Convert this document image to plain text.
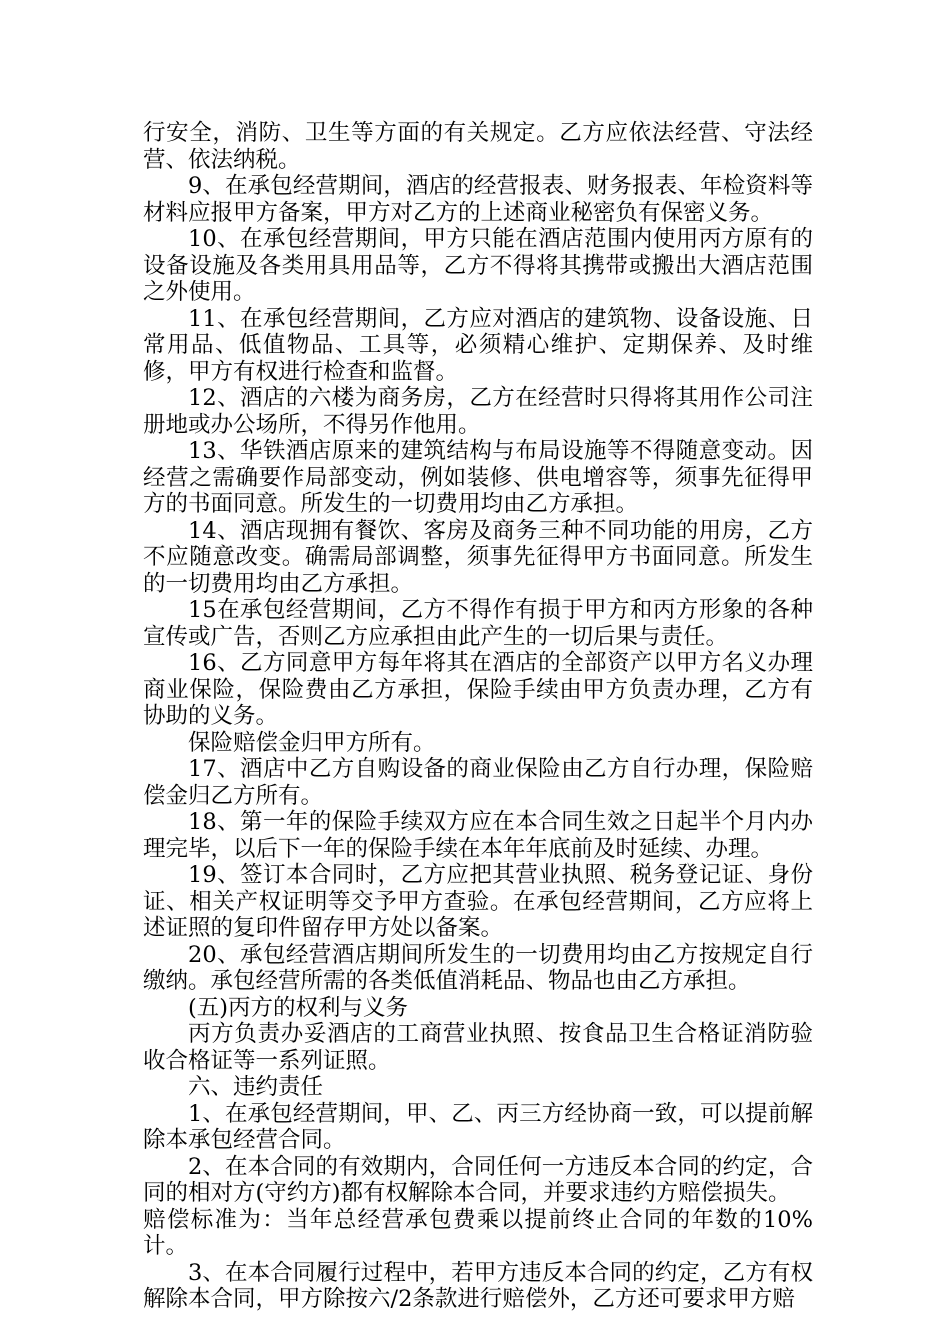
行安全，消防、卫生等方面的有关规定。乙方应依法经营、守法经营、依法纳税。

9、在承包经营期间，酒店的经营报表、财务报表、年检资料等材料应报甲方备案，甲方对乙方的上述商业秘密负有保密义务。

10、在承包经营期间，甲方只能在酒店范围内使用丙方原有的设备设施及各类用具用品等，乙方不得将其携带或搬出大酒店范围之外使用。

11、在承包经营期间，乙方应对酒店的建筑物、设备设施、日常用品、低值物品、工具等，必须精心维护、定期保养、及时维修，甲方有权进行检查和监督。

12、酒店的六楼为商务房，乙方在经营时只得将其用作公司注册地或办公场所，不得另作他用。

13、华铁酒店原来的建筑结构与布局设施等不得随意变动。因经营之需确要作局部变动，例如装修、供电增容等，须事先征得甲方的书面同意。所发生的一切费用均由乙方承担。

14、酒店现拥有餐饮、客房及商务三种不同功能的用房，乙方不应随意改变。确需局部调整，须事先征得甲方书面同意。所发生的一切费用均由乙方承担。

15在承包经营期间，乙方不得作有损于甲方和丙方形象的各种宣传或广告，否则乙方应承担由此产生的一切后果与责任。

16、乙方同意甲方每年将其在酒店的全部资产以甲方名义办理商业保险，保险费由乙方承担，保险手续由甲方负责办理，乙方有协助的义务。

保险赔偿金归甲方所有。

17、酒店中乙方自购设备的商业保险由乙方自行办理，保险赔偿金归乙方所有。

18、第一年的保险手续双方应在本合同生效之日起半个月内办理完毕，以后下一年的保险手续在本年年底前及时延续、办理。

19、签订本合同时，乙方应把其营业执照、税务登记证、身份证、相关产权证明等交予甲方查验。在承包经营期间，乙方应将上述证照的复印件留存甲方处以备案。

20、承包经营酒店期间所发生的一切费用均由乙方按规定自行缴纳。承包经营所需的各类低值消耗品、物品也由乙方承担。

(五)丙方的权利与义务

丙方负责办妥酒店的工商营业执照、按食品卫生合格证消防验收合格证等一系列证照。

六、违约责任

1、在承包经营期间，甲、乙、丙三方经协商一致，可以提前解除本承包经营合同。

2、在本合同的有效期内，合同任何一方违反本合同的约定，合同的相对方(守约方)都有权解除本合同，并要求违约方赔偿损失。

赔偿标准为：当年总经营承包费乘以提前终止合同的年数的10%计。

3、在本合同履行过程中，若甲方违反本合同的约定，乙方有权解除本合同，甲方除按六/2条款进行赔偿外，乙方还可要求甲方赔
